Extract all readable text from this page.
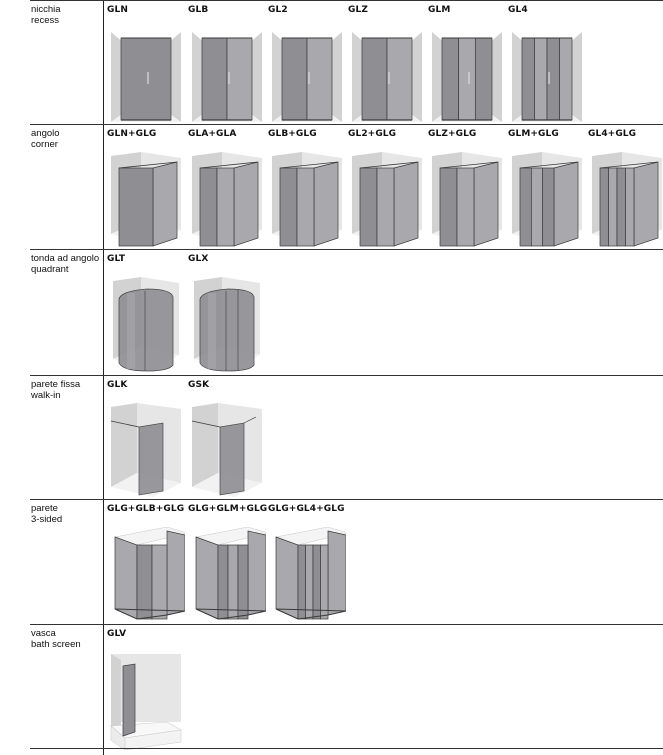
nicchia
recess
GLN	GLB	GL2	GLZ	GLM	GL4
angolo
corner
GLN+GLG	GLA+GLA	GLB+GLG	GL2+GLG	GLZ+GLG	GLM+GLG	GL4+GLG
tonda ad angolo
quadrant
GLT	GLX
parete fissa
walk-in
GLK	GSK
parete
3-sided
GLG+GLB+GLG GLG+GLM+GLG GLG+GL4+GLG
vasca
bath screen
GLV
